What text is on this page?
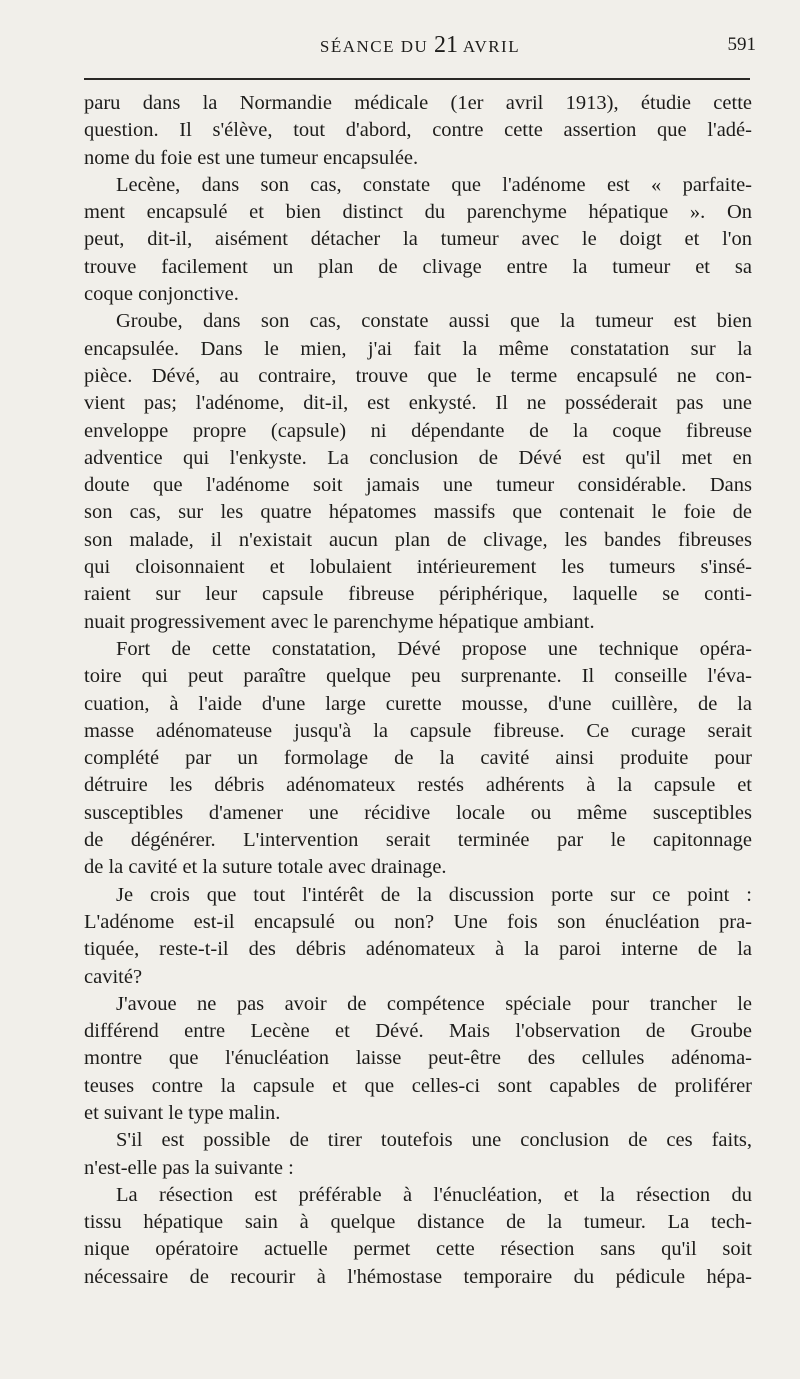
SÉANCE DU 21 AVRIL	591
paru dans la Normandie médicale (1er avril 1913), étudie cette
question. Il s'élève, tout d'abord, contre cette assertion que l'adé-
nome du foie est une tumeur encapsulée.
Lecène, dans son cas, constate que l'adénome est « parfaite-
ment encapsulé et bien distinct du parenchyme hépatique ». On
peut, dit-il, aisément détacher la tumeur avec le doigt et l'on
trouve facilement un plan de clivage entre la tumeur et sa
coque conjonctive.
Groube, dans son cas, constate aussi que la tumeur est bien
encapsulée. Dans le mien, j'ai fait la même constatation sur la
pièce. Dévé, au contraire, trouve que le terme encapsulé ne con-
vient pas; l'adénome, dit-il, est enkysté. Il ne posséderait pas une
enveloppe propre (capsule) ni dépendante de la coque fibreuse
adventice qui l'enkyste. La conclusion de Dévé est qu'il met en
doute que l'adénome soit jamais une tumeur considérable. Dans
son cas, sur les quatre hépatomes massifs que contenait le foie de
son malade, il n'existait aucun plan de clivage, les bandes fibreuses
qui cloisonnaient et lobulaient intérieurement les tumeurs s'insé-
raient sur leur capsule fibreuse périphérique, laquelle se conti-
nuait progressivement avec le parenchyme hépatique ambiant.
Fort de cette constatation, Dévé propose une technique opéra-
toire qui peut paraître quelque peu surprenante. Il conseille l'éva-
cuation, à l'aide d'une large curette mousse, d'une cuillère, de la
masse adénomateuse jusqu'à la capsule fibreuse. Ce curage serait
complété par un formolage de la cavité ainsi produite pour
détruire les débris adénomateux restés adhérents à la capsule et
susceptibles d'amener une récidive locale ou même susceptibles
de dégénérer. L'intervention serait terminée par le capitonnage
de la cavité et la suture totale avec drainage.
Je crois que tout l'intérêt de la discussion porte sur ce point :
L'adénome est-il encapsulé ou non? Une fois son énucléation pra-
tiquée, reste-t-il des débris adénomateux à la paroi interne de la
cavité?
J'avoue ne pas avoir de compétence spéciale pour trancher le
différend entre Lecène et Dévé. Mais l'observation de Groube
montre que l'énucléation laisse peut-être des cellules adénoma-
teuses contre la capsule et que celles-ci sont capables de proliférer
et suivant le type malin.
S'il est possible de tirer toutefois une conclusion de ces faits,
n'est-elle pas la suivante :
La résection est préférable à l'énucléation, et la résection du
tissu hépatique sain à quelque distance de la tumeur. La tech-
nique opératoire actuelle permet cette résection sans qu'il soit
nécessaire de recourir à l'hémostase temporaire du pédicule hépa-
